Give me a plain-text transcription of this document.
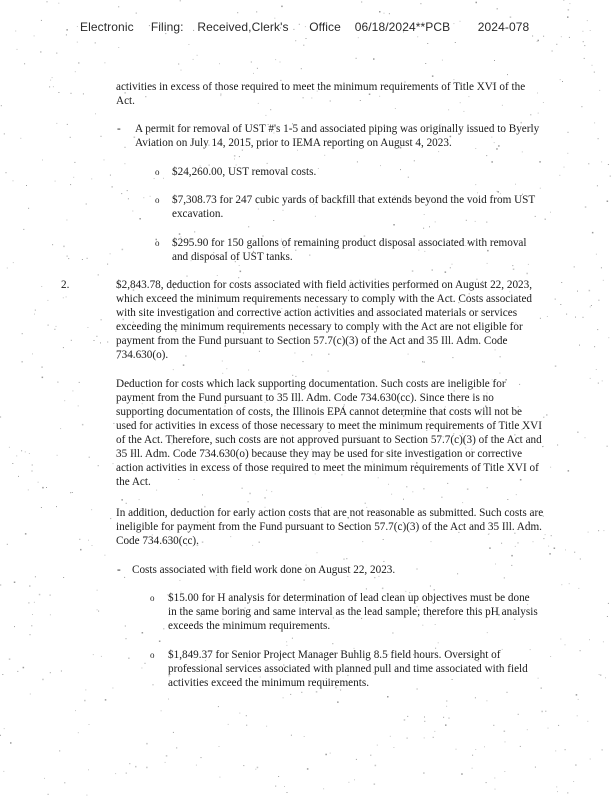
Electronic Filing: Received,Clerk's Office 06/18/2024**PCB 2024-078
activities in excess of those required to meet the minimum requirements of Title XVI of the Act.
- A permit for removal of UST #'s 1-5 and associated piping was originally issued to Byerly Aviation on July 14, 2015, prior to IEMA reporting on August 4, 2023.
o $24,260.00, UST removal costs.
o $7,308.73 for 247 cubic yards of backfill that extends beyond the void from UST excavation.
o $295.90 for 150 gallons of remaining product disposal associated with removal and disposal of UST tanks.
2.	$2,843.78, deduction for costs associated with field activities performed on August 22, 2023, which exceed the minimum requirements necessary to comply with the Act. Costs associated with site investigation and corrective action activities and associated materials or services exceeding the minimum requirements necessary to comply with the Act are not eligible for payment from the Fund pursuant to Section 57.7(c)(3) of the Act and 35 Ill. Adm. Code 734.630(o).
Deduction for costs which lack supporting documentation. Such costs are ineligible for payment from the Fund pursuant to 35 Ill. Adm. Code 734.630(cc). Since there is no supporting documentation of costs, the Illinois EPA cannot determine that costs will not be used for activities in excess of those necessary to meet the minimum requirements of Title XVI of the Act. Therefore, such costs are not approved pursuant to Section 57.7(c)(3) of the Act and 35 Ill. Adm. Code 734.630(o) because they may be used for site investigation or corrective action activities in excess of those required to meet the minimum requirements of Title XVI of the Act.
In addition, deduction for early action costs that are not reasonable as submitted. Such costs are ineligible for payment from the Fund pursuant to Section 57.7(c)(3) of the Act and 35 Ill. Adm. Code 734.630(cc).
- Costs associated with field work done on August 22, 2023.
o $15.00 for H analysis for determination of lead clean up objectives must be done in the same boring and same interval as the lead sample; therefore this pH analysis exceeds the minimum requirements.
o $1,849.37 for Senior Project Manager Buhlig 8.5 field hours. Oversight of professional services associated with planned pull and time associated with field activities exceed the minimum requirements.
